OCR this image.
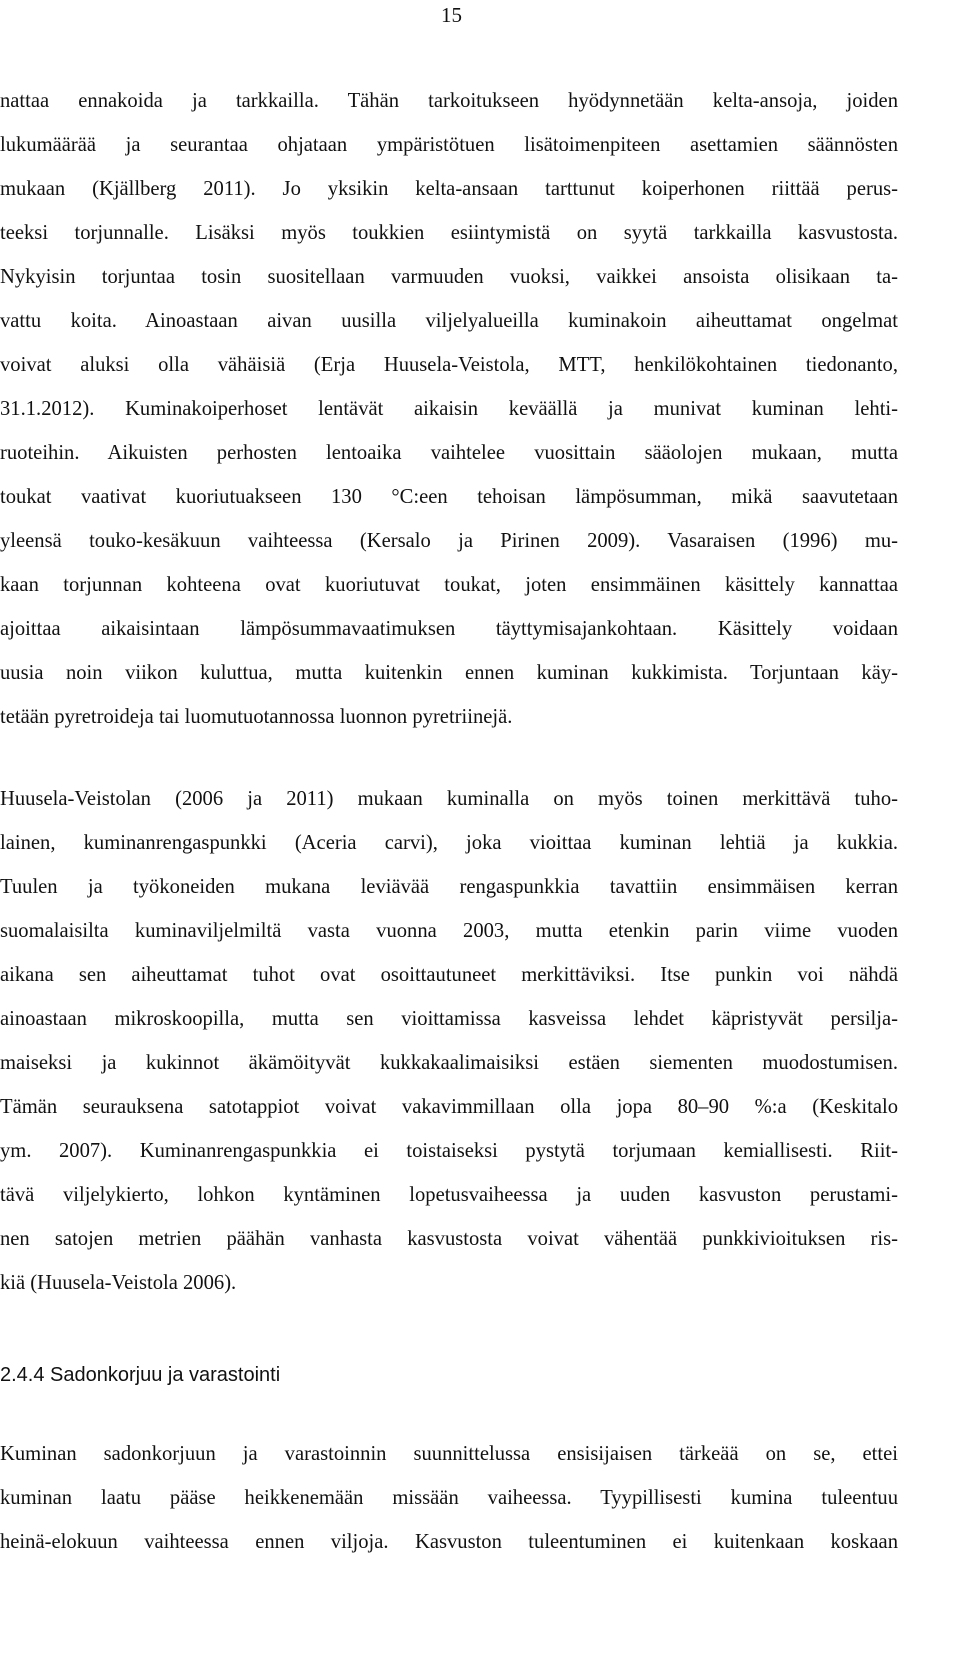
15

nattaa ennakoida ja tarkkailla. Tähän tarkoitukseen hyödynnetään kelta-ansoja, joiden
lukumäärää ja seurantaa ohjataan ympäristötuen lisätoimenpiteen asettamien säännösten
mukaan (Kjällberg 2011). Jo yksikin kelta-ansaan tarttunut koiperhonen riittää perus-
teeksi torjunnalle. Lisäksi myös toukkien esiintymistä on syytä tarkkailla kasvustosta.
Nykyisin torjuntaa tosin suositellaan varmuuden vuoksi, vaikkei ansoista olisikaan ta-
vattu koita. Ainoastaan aivan uusilla viljelyalueilla kuminakoin aiheuttamat ongelmat
voivat aluksi olla vähäisiä (Erja Huusela-Veistola, MTT, henkilökohtainen tiedonanto,
31.1.2012). Kuminakoiperhoset lentävät aikaisin keväällä ja munivat kuminan lehti-
ruoteihin. Aikuisten perhosten lentoaika vaihtelee vuosittain sääolojen mukaan, mutta
toukat vaativat kuoriutuakseen 130 °C:een tehoisan lämpösumman, mikä saavutetaan
yleensä touko-kesäkuun vaihteessa (Kersalo ja Pirinen 2009). Vasaraisen (1996) mu-
kaan torjunnan kohteena ovat kuoriutuvat toukat, joten ensimmäinen käsittely kannattaa
ajoittaa aikaisintaan lämpösummavaatimuksen täyttymisajankohtaan. Käsittely voidaan
uusia noin viikon kuluttua, mutta kuitenkin ennen kuminan kukkimista. Torjuntaan käy-
tetään pyretroideja tai luomutuotannossa luonnon pyretriinejä.

Huusela-Veistolan (2006 ja 2011) mukaan kuminalla on myös toinen merkittävä tuho-
lainen, kuminanrengaspunkki (Aceria carvi), joka vioittaa kuminan lehtiä ja kukkia.
Tuulen ja työkoneiden mukana leviävää rengaspunkkia tavattiin ensimmäisen kerran
suomalaisilta kuminaviljelmiltä vasta vuonna 2003, mutta etenkin parin viime vuoden
aikana sen aiheuttamat tuhot ovat osoittautuneet merkittäviksi. Itse punkin voi nähdä
ainoastaan mikroskoopilla, mutta sen vioittamissa kasveissa lehdet käpristyvät persilja-
maiseksi ja kukinnot äkämöityvät kukkakaalimaisiksi estäen siementen muodostumisen.
Tämän seurauksena satotappiot voivat vakavimmillaan olla jopa 80–90 %:a (Keskitalo
ym. 2007). Kuminanrengaspunkkia ei toistaiseksi pystytä torjumaan kemiallisesti. Riit-
tävä viljelykierto, lohkon kyntäminen lopetusvaiheessa ja uuden kasvuston perustami-
nen satojen metrien päähän vanhasta kasvustosta voivat vähentää punkkivioituksen ris-
kiä (Huusela-Veistola 2006).

2.4.4 Sadonkorjuu ja varastointi

Kuminan sadonkorjuun ja varastoinnin suunnittelussa ensisijaisen tärkeää on se, ettei
kuminan laatu pääse heikkenemään missään vaiheessa. Tyypillisesti kumina tuleentuu
heinä-elokuun vaihteessa ennen viljoja. Kasvuston tuleentuminen ei kuitenkaan koskaan
